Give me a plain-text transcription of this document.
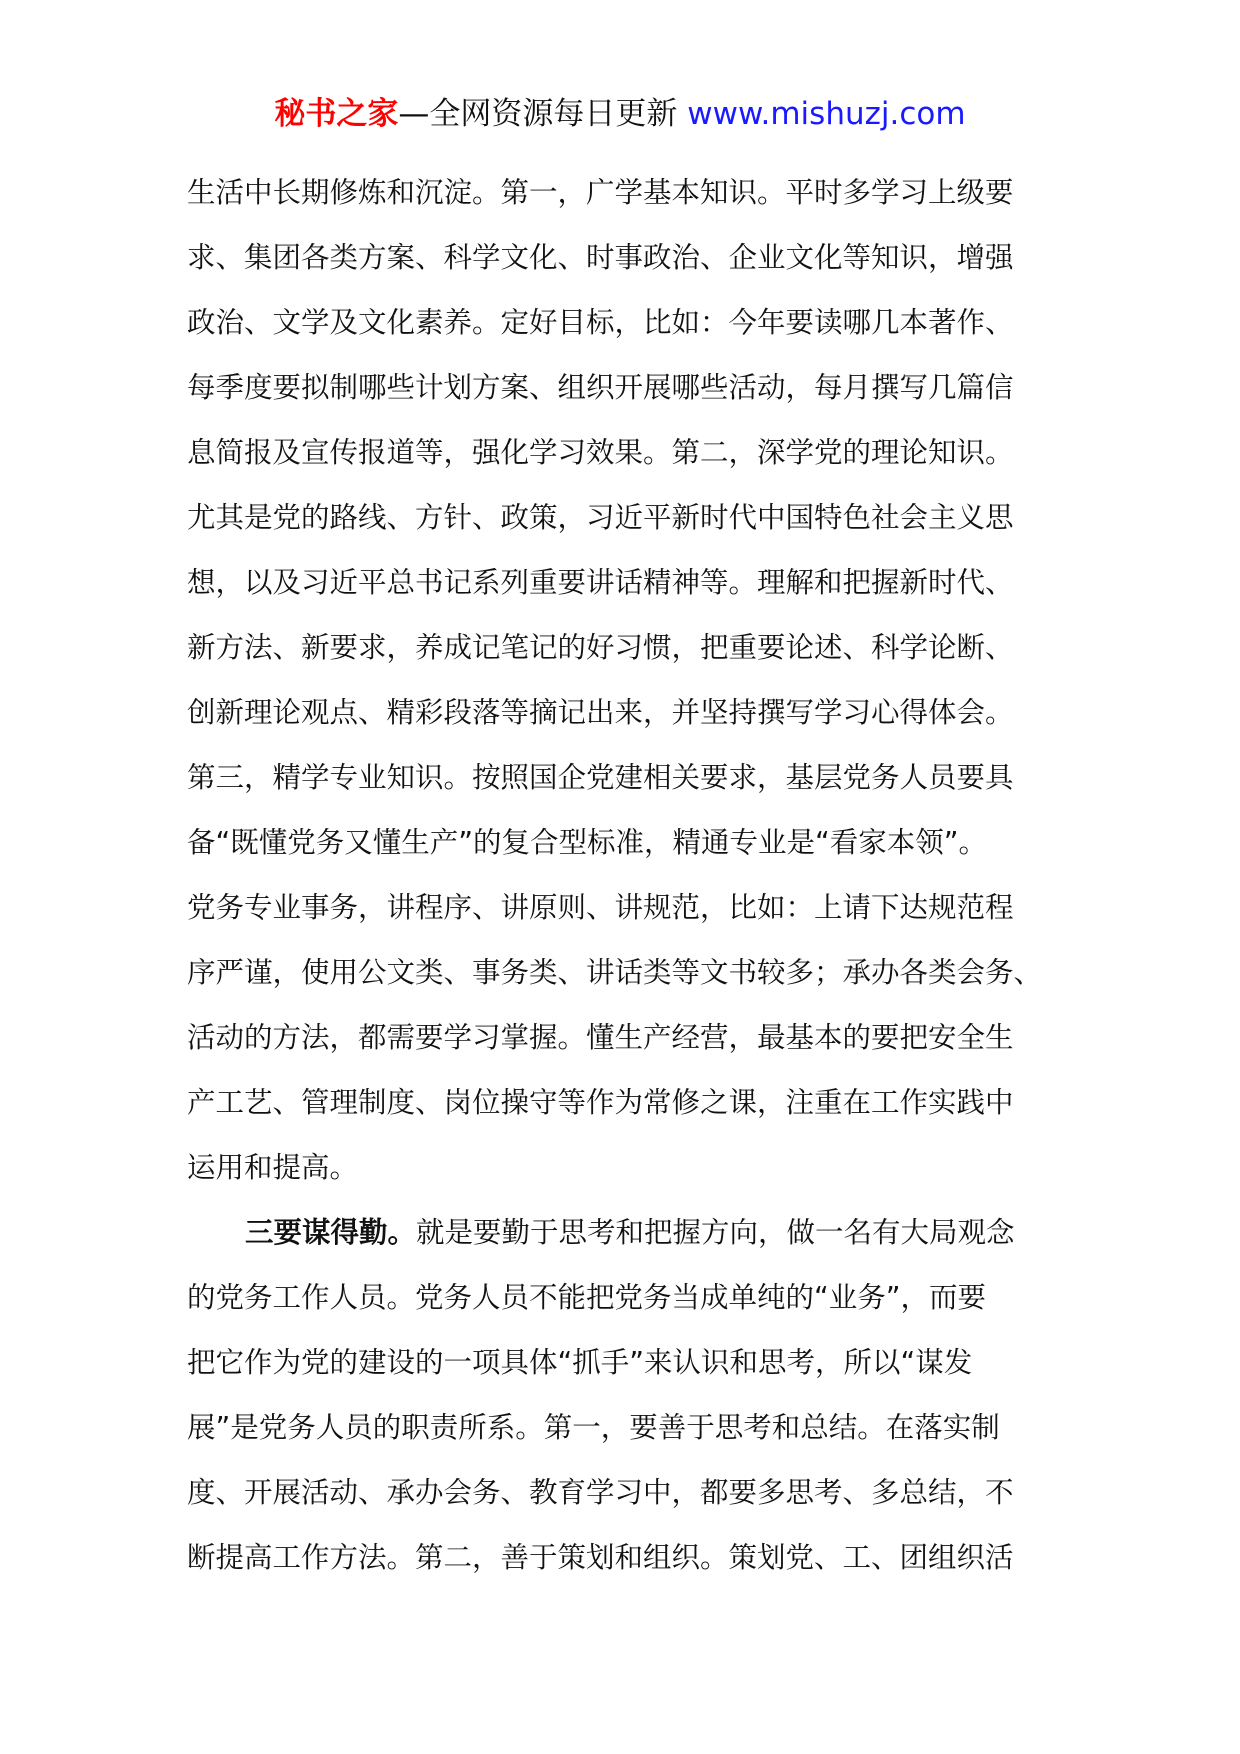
秘书之家—全网资源每日更新 www.mishuzj.com
生活中长期修炼和沉淀。第一，广学基本知识。平时多学习上级要
求、集团各类方案、科学文化、时事政治、企业文化等知识，增强
政治、文学及文化素养。定好目标，比如：今年要读哪几本著作、
每季度要拟制哪些计划方案、组织开展哪些活动，每月撰写几篇信
息简报及宣传报道等，强化学习效果。第二，深学党的理论知识。
尤其是党的路线、方针、政策，习近平新时代中国特色社会主义思
想，以及习近平总书记系列重要讲话精神等。理解和把握新时代、
新方法、新要求，养成记笔记的好习惯，把重要论述、科学论断、
创新理论观点、精彩段落等摘记出来，并坚持撰写学习心得体会。
第三，精学专业知识。按照国企党建相关要求，基层党务人员要具
备“既懂党务又懂生产”的复合型标准，精通专业是“看家本领”。
党务专业事务，讲程序、讲原则、讲规范，比如：上请下达规范程
序严谨，使用公文类、事务类、讲话类等文书较多；承办各类会务、
活动的方法，都需要学习掌握。懂生产经营，最基本的要把安全生
产工艺、管理制度、岗位操守等作为常修之课，注重在工作实践中
运用和提高。
三要谋得勤。就是要勤于思考和把握方向，做一名有大局观念
的党务工作人员。党务人员不能把党务当成单纯的“业务”，而要
把它作为党的建设的一项具体“抓手”来认识和思考，所以“谋发
展”是党务人员的职责所系。第一，要善于思考和总结。在落实制
度、开展活动、承办会务、教育学习中，都要多思考、多总结，不
断提高工作方法。第二，善于策划和组织。策划党、工、团组织活
